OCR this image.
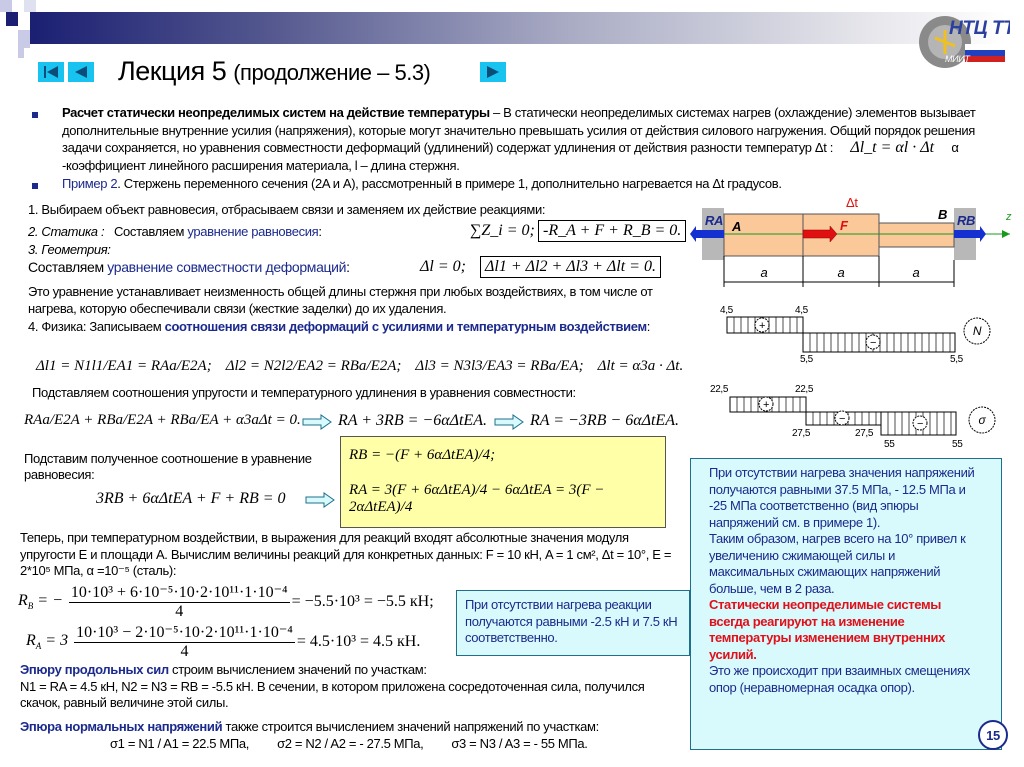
НТЦ ТТ
МИИТ
Лекция 5 (продолжение – 5.3)
Расчет статически неопределимых систем на действие температуры – В статически неопределимых системах нагрев (охлаждение) элементов вызывает дополнительные внутренние усилия (напряжения), которые могут значительно превышать усилия от действия силового нагружения. Общий порядок решения задачи сохраняется, но уравнения совместности деформаций (удлинений) содержат удлинения от действия разности температур Δt : Δl_t = αl · Δt α -коэффициент линейного расширения материала, l – длина стержня.
Пример 2. Стержень переменного сечения (2A и A), рассмотренный в примере 1, дополнительно нагревается на Δt градусов.
1. Выбираем объект равновесия, отбрасываем связи и заменяем их действие реакциями:
2. Статика : Составляем уравнение равновесия:	∑Z_i = 0; -R_A + F + R_B = 0.
3. Геометрия:
Составляем уравнение совместности деформаций:	Δl = 0;	Δl1 + Δl2 + Δl3 + Δlt = 0.
Это уравнение устанавливает неизменность общей длины стержня при любых воздействиях, в том числе от нагрева, которую обеспечивали связи (жесткие заделки) до их удаления.
4. Физика: Записываем соотношения связи деформаций с усилиями и температурным воздействием:
Δl1 = N1l1/EA1 = RAa/E2A; Δl2 = N2l2/EA2 = RBa/E2A; Δl3 = N3l3/EA3 = RBa/EA; Δlt = α3a · Δt.
Подставляем соотношения упругости и температурного удлинения в уравнения совместности:
RAa/E2A + RBa/E2A + RBa/EA + α3aΔt = 0. RA + 3RB = −6αΔtEA.	RA = −3RB − 6αΔtEA.
Подставим полученное соотношение в уравнение равновесия:
3RB + 6αΔtEA + F + RB = 0
RB = −(F + 6αΔtEA)/4;
RA = 3(F + 6αΔtEA)/4 − 6αΔtEA = 3(F − 2αΔtEA)/4
Теперь, при температурном воздействии, в выражения для реакций входят абсолютные значения модуля упругости E и площади A. Вычислим величины реакций для конкретных данных: F = 10 кН, A = 1 см², Δt = 10°, E = 2*10⁵ МПа, α =10⁻⁵ (сталь):
$R_B$ = − $\frac{\text{10·10³ + 6·10⁻⁵·10·2·10¹¹·1·10⁻⁴}}{4} = -5.5\cdot 10^3 = -5.5$ кН;
$R_A = 3 \frac{\text{10·10³ − 2·10⁻⁵·10·2·10¹¹·1·10⁻⁴}}{4} = 4.5\cdot 10^3 = 4.5$ кН.
При отсутствии нагрева реакции получаются равными -2.5 кН и 7.5 кН соответственно.
Эпюру продольных сил строим вычислением значений по участкам:
N1 = RA = 4.5 кН, N2 = N3 = RB = -5.5 кН. В сечении, в котором приложена сосредоточенная сила, получился скачок, равный величине этой силы.
Эпюра нормальных напряжений также строится вычислением значений напряжений по участкам:

σ1 = N1 / A1 = 22.5 МПа, σ2 = N2 / A2 = - 27.5 МПа, σ3 = N3 / A3 = - 55 МПа.
При отсутствии нагрева значения напряжений получаются равными 37.5 МПа, - 12.5 МПа и -25 МПа соответственно (вид эпюры напряжений см. в примере 1).
Таким образом, нагрев всего на 10° привел к увеличению сжимающей силы и максимальных сжимающих напряжений больше, чем в 2 раза.
Статически неопределимые системы всегда реагируют на изменение температуры изменением внутренних усилий.
Это же происходит при взаимных смещениях опор (неравномерная осадка опор).
15
RA	RB
A
B
F
Δt
z
a	a	a
+
−
N
4,5	4,5
5,5	5,5
+
−	−	σ
22,5	22,5
27,5	27,5
55	55
